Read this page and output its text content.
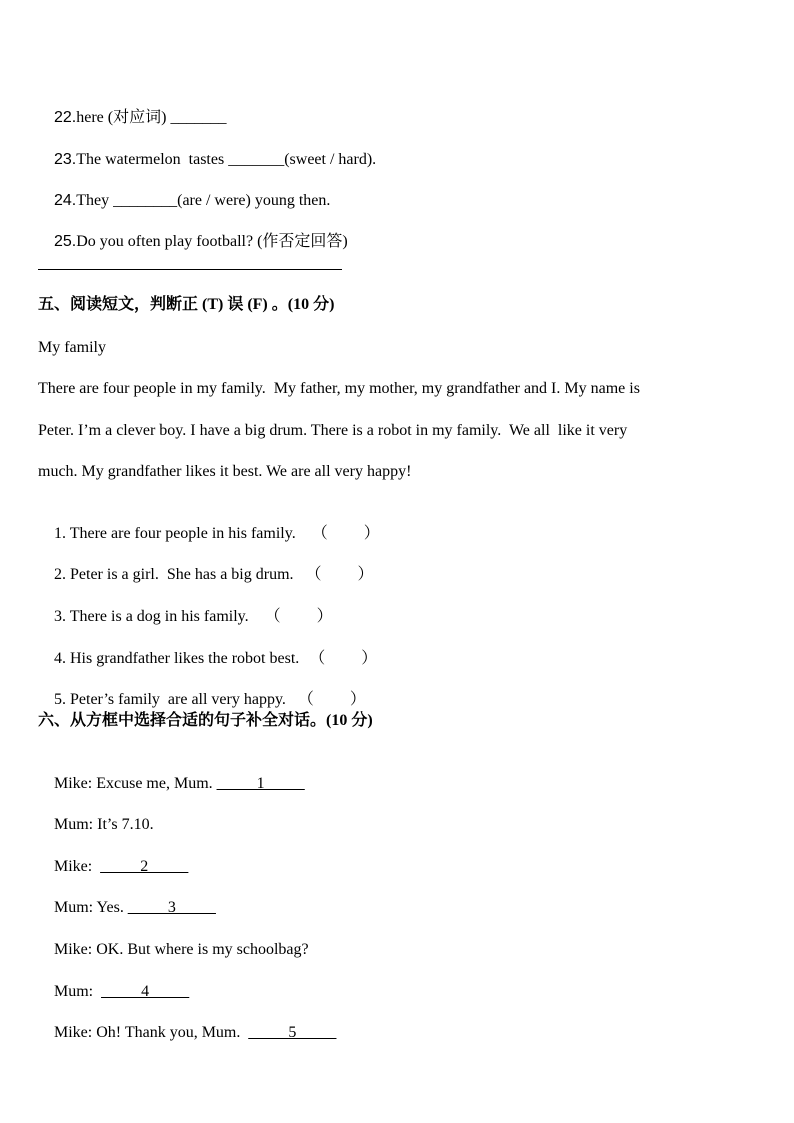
22.here (对应词) _______

23.The watermelon  tastes _______(sweet / hard).

24.They ________(are / were) young then.

25.Do you often play football? (作否定回答)

五、阅读短文，判断正 (T) 误 (F) 。(10 分)
My family
There are four people in my family.  My father, my mother, my grandfather and I. My name is
Peter. I’m a clever boy. I have a big drum. There is a robot in my family.  We all  like it very
much. My grandfather likes it best. We are all very happy!

1. There are four people in his family. （         ）

2. Peter is a girl.  She has a big drum. （         ）

3. There is a dog in his family. （         ）

4. His grandfather likes the robot best. （         ）

5. Peter’s family  are all very happy. （         ）

六、从方框中选择合适的句子补全对话。(10 分)

Mike: Excuse me, Mum. _____1_____

Mum: It’s 7.10.

Mike: _____2_____

Mum: Yes. _____3_____

Mike: OK. But where is my schoolbag?

Mum: _____4_____

Mike: Oh! Thank you, Mum.  _____5_____
